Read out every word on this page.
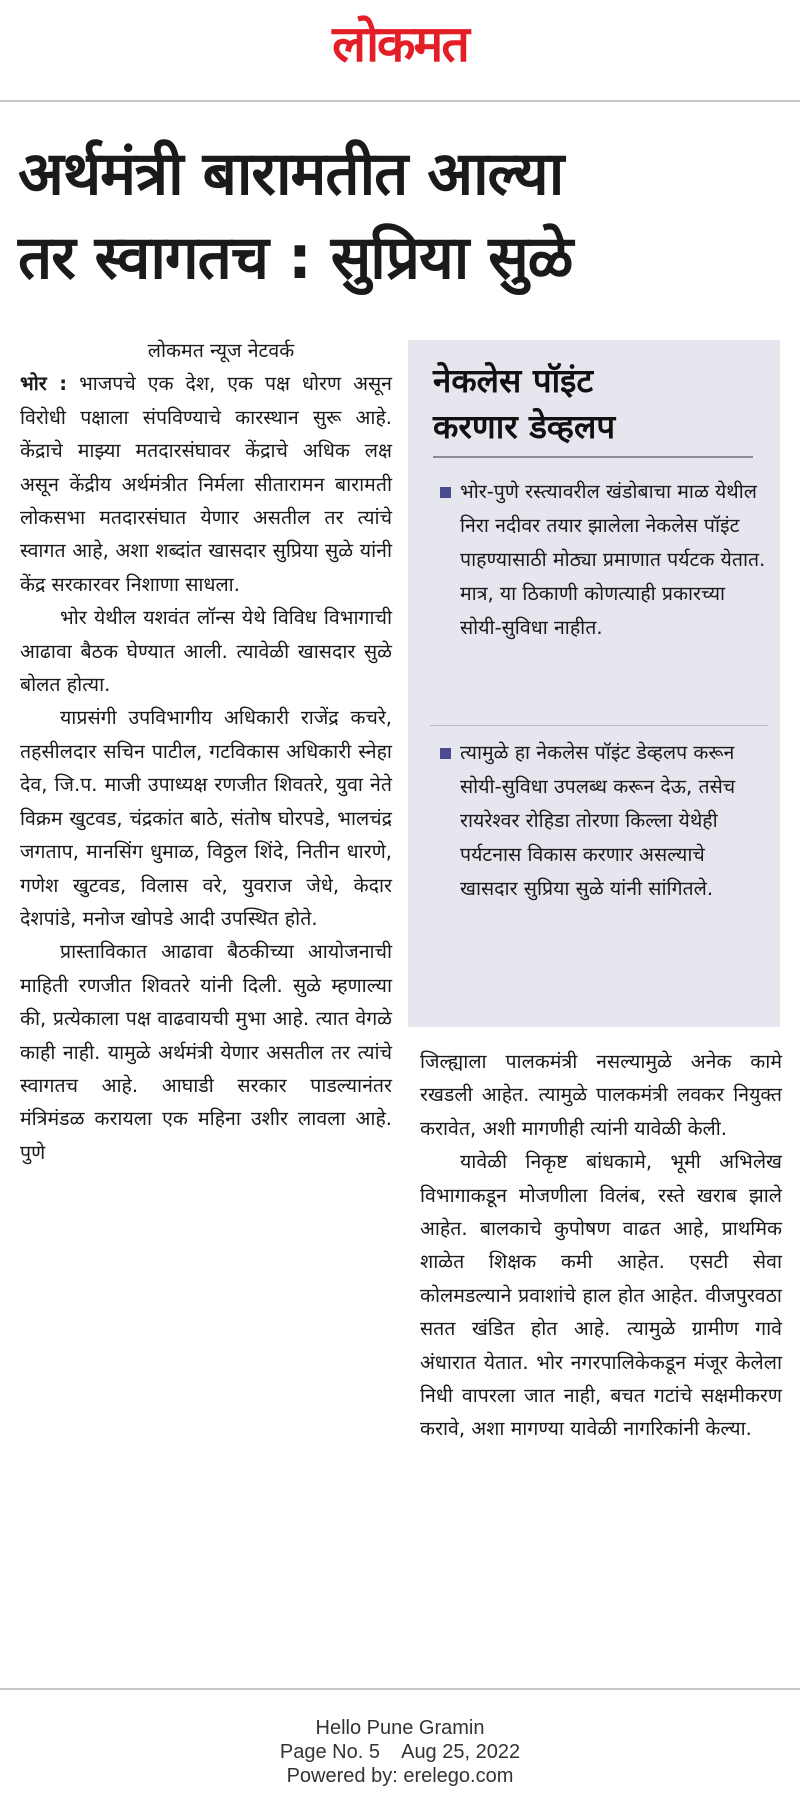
लोकमत
अर्थमंत्री बारामतीत आल्या
तर स्वागतच : सुप्रिया सुळे
लोकमत न्यूज नेटवर्क

भोर : भाजपचे एक देश, एक पक्ष धोरण असून विरोधी पक्षाला संपविण्याचे कारस्थान सुरू आहे. केंद्राचे माझ्या मतदारसंघावर केंद्राचे अधिक लक्ष असून केंद्रीय अर्थमंत्रीत निर्मला सीतारामन बारामती लोकसभा मतदारसंघात येणार असतील तर त्यांचे स्वागत आहे, अशा शब्दांत खासदार सुप्रिया सुळे यांनी केंद्र सरकारवर निशाणा साधला.

भोर येथील यशवंत लॉन्स येथे विविध विभागाची आढावा बैठक घेण्यात आली. त्यावेळी खासदार सुळे बोलत होत्या.

याप्रसंगी उपविभागीय अधिकारी राजेंद्र कचरे, तहसीलदार सचिन पाटील, गटविकास अधिकारी स्नेहा देव, जि.प. माजी उपाध्यक्ष रणजीत शिवतरे, युवा नेते विक्रम खुटवड, चंद्रकांत बाठे, संतोष घोरपडे, भालचंद्र जगताप, मानसिंग धुमाळ, विठ्ठल शिंदे, नितीन धारणे, गणेश खुटवड, विलास वरे, युवराज जेधे, केदार देशपांडे, मनोज खोपडे आदी उपस्थित होते.

प्रास्ताविकात आढावा बैठकीच्या आयोजनाची माहिती रणजीत शिवतरे यांनी दिली. सुळे म्हणाल्या की, प्रत्येकाला पक्ष वाढवायची मुभा आहे. त्यात वेगळे काही नाही. यामुळे अर्थमंत्री येणार असतील तर त्यांचे स्वागतच आहे. आघाडी सरकार पाडल्यानंतर मंत्रिमंडळ करायला एक महिना उशीर लावला आहे. पुणे

नेकलेस पॉइंट
करणार डेव्हलप
भोर-पुणे रस्त्यावरील खंडोबाचा माळ येथील निरा नदीवर तयार झालेला नेकलेस पॉइंट पाहण्यासाठी मोठ्या प्रमाणात पर्यटक येतात. मात्र, या ठिकाणी कोणत्याही प्रकारच्या सोयी-सुविधा नाहीत.
त्यामुळे हा नेकलेस पॉइंट डेव्हलप करून सोयी-सुविधा उपलब्ध करून देऊ, तसेच रायरेश्वर रोहिडा तोरणा किल्ला येथेही पर्यटनास विकास करणार असल्याचे खासदार सुप्रिया सुळे यांनी सांगितले.

जिल्ह्याला पालकमंत्री नसल्यामुळे अनेक कामे रखडली आहेत. त्यामुळे पालकमंत्री लवकर नियुक्त करावेत, अशी मागणीही त्यांनी यावेळी केली.

यावेळी निकृष्ट बांधकामे, भूमी अभिलेख विभागाकडून मोजणीला विलंब, रस्ते खराब झाले आहेत. बालकाचे कुपोषण वाढत आहे, प्राथमिक शाळेत शिक्षक कमी आहेत. एसटी सेवा कोलमडल्याने प्रवाशांचे हाल होत आहेत. वीजपुरवठा सतत खंडित होत आहे. त्यामुळे ग्रामीण गावे अंधारात येतात. भोर नगरपालिकेकडून मंजूर केलेला निधी वापरला जात नाही, बचत गटांचे सक्षमीकरण करावे, अशा मागण्या यावेळी नागरिकांनी केल्या.

Hello Pune Gramin
Page No. 5    Aug 25, 2022
Powered by: erelego.com
